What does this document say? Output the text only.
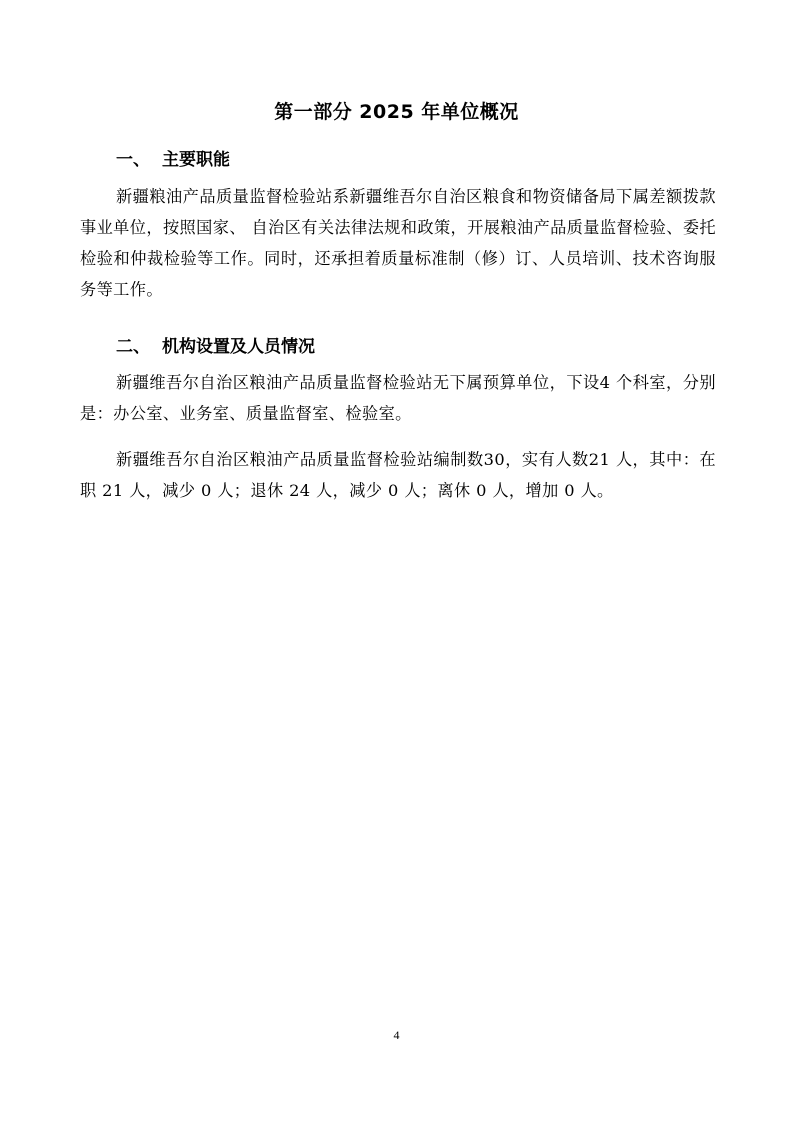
第一部分 2025 年单位概况
一、 主要职能
新疆粮油产品质量监督检验站系新疆维吾尔自治区粮食和物资储备局下属差额拨款事业单位，按照国家、 自治区有关法律法规和政策，开展粮油产品质量监督检验、委托检验和仲裁检验等工作。同时，还承担着质量标准制（修）订、人员培训、技术咨询服务等工作。
二、 机构设置及人员情况
新疆维吾尔自治区粮油产品质量监督检验站无下属预算单位，下设4 个科室，分别是：办公室、业务室、质量监督室、检验室。
新疆维吾尔自治区粮油产品质量监督检验站编制数30，实有人数21 人，其中：在职 21 人，减少 0 人；退休 24 人，减少 0 人；离休 0 人，增加 0 人。
4
